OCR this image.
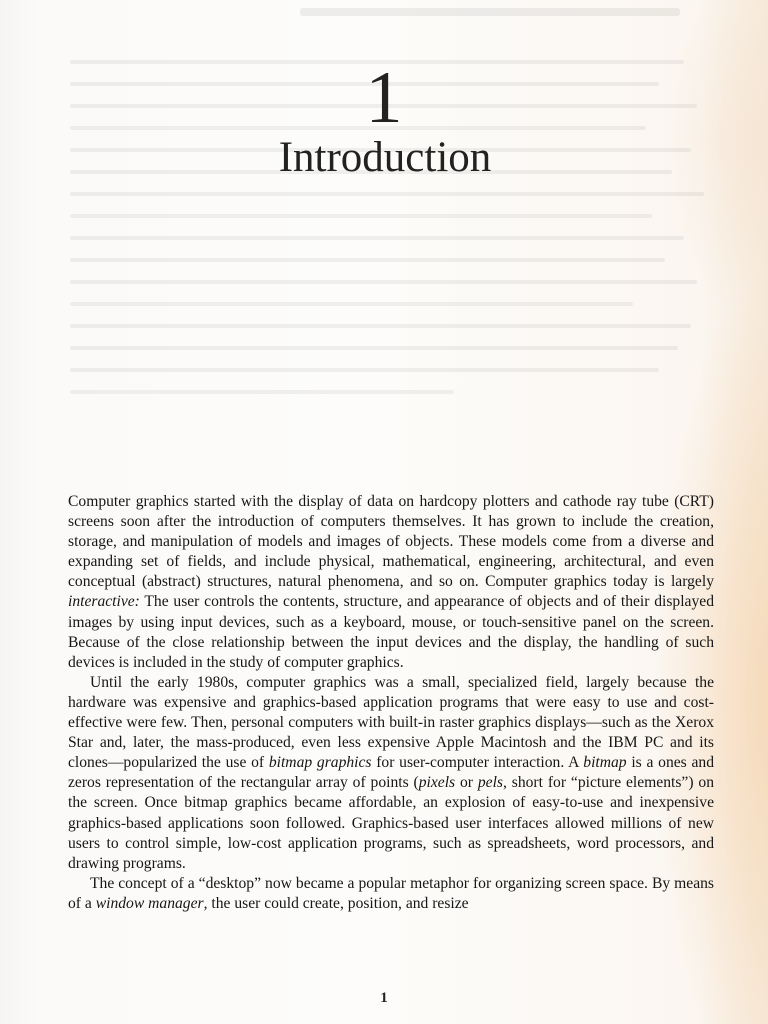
1
Introduction

Computer graphics started with the display of data on hardcopy plotters and cathode ray tube (CRT) screens soon after the introduction of computers themselves. It has grown to include the creation, storage, and manipulation of models and images of objects. These models come from a diverse and expanding set of fields, and include physical, mathematical, engineering, architectural, and even conceptual (abstract) structures, natural phenomena, and so on. Computer graphics today is largely interactive: The user controls the contents, structure, and appearance of objects and of their displayed images by using input devices, such as a keyboard, mouse, or touch-sensitive panel on the screen. Because of the close relationship between the input devices and the display, the handling of such devices is included in the study of computer graphics.

Until the early 1980s, computer graphics was a small, specialized field, largely because the hardware was expensive and graphics-based application programs that were easy to use and cost-effective were few. Then, personal computers with built-in raster graphics displays—such as the Xerox Star and, later, the mass-produced, even less expensive Apple Macintosh and the IBM PC and its clones—popularized the use of bitmap graphics for user-computer interaction. A bitmap is a ones and zeros representation of the rectangular array of points (pixels or pels, short for “picture elements”) on the screen. Once bitmap graphics became affordable, an explosion of easy-to-use and inexpensive graphics-based applications soon followed. Graphics-based user interfaces allowed millions of new users to control simple, low-cost application programs, such as spreadsheets, word processors, and drawing programs.

The concept of a “desktop” now became a popular metaphor for organizing screen space. By means of a window manager, the user could create, position, and resize

1
